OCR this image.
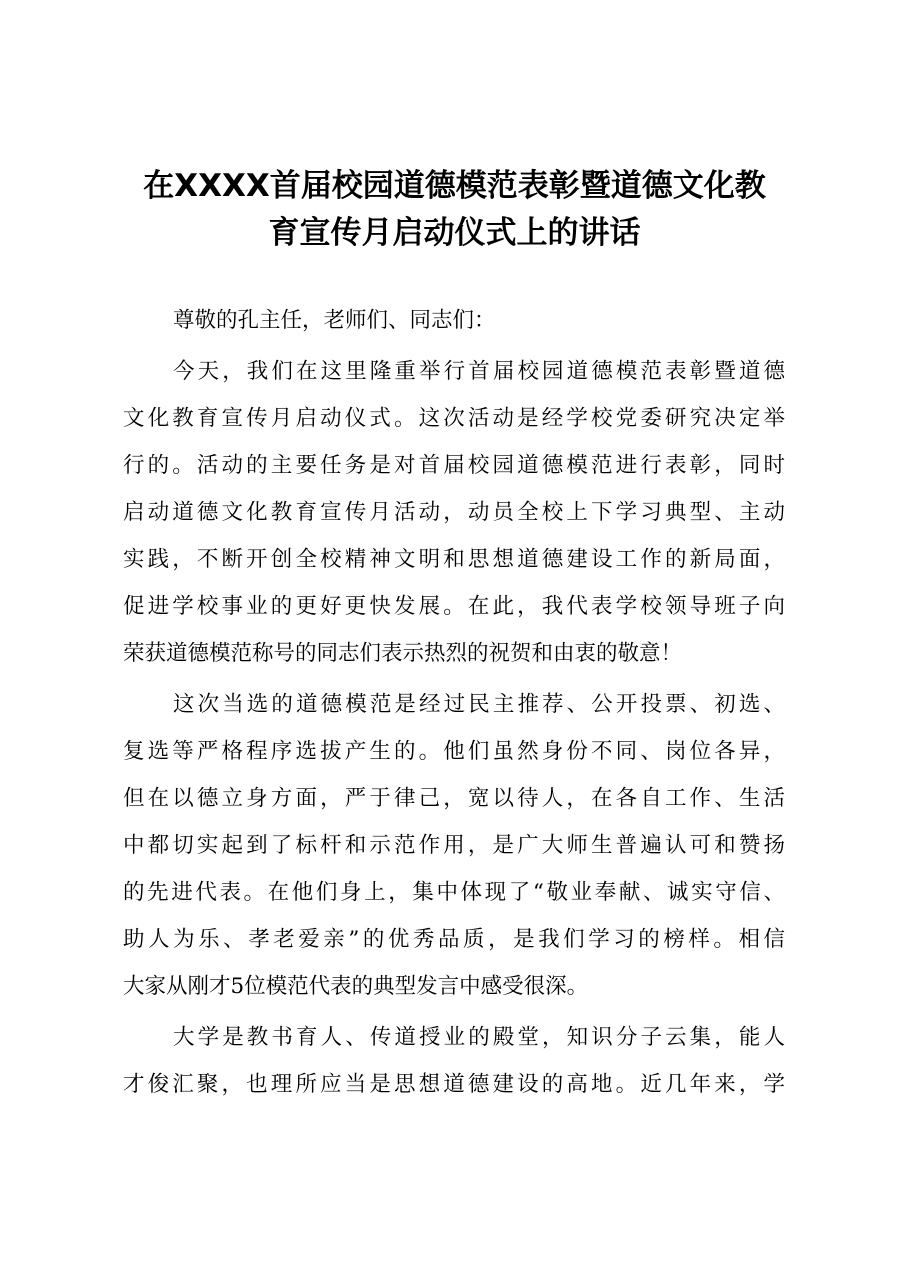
在XXXX首届校园道德模范表彰暨道德文化教
育宣传月启动仪式上的讲话
尊敬的孔主任，老师们、同志们：
今天，我们在这里隆重举行首届校园道德模范表彰暨道德
文化教育宣传月启动仪式。这次活动是经学校党委研究决定举
行的。活动的主要任务是对首届校园道德模范进行表彰，同时
启动道德文化教育宣传月活动，动员全校上下学习典型、主动
实践，不断开创全校精神文明和思想道德建设工作的新局面，
促进学校事业的更好更快发展。在此，我代表学校领导班子向
荣获道德模范称号的同志们表示热烈的祝贺和由衷的敬意！
这次当选的道德模范是经过民主推荐、公开投票、初选、
复选等严格程序选拔产生的。他们虽然身份不同、岗位各异，
但在以德立身方面，严于律己，宽以待人，在各自工作、生活
中都切实起到了标杆和示范作用，是广大师生普遍认可和赞扬
的先进代表。在他们身上，集中体现了“敬业奉献、诚实守信、
助人为乐、孝老爱亲”的优秀品质，是我们学习的榜样。相信
大家从刚才5位模范代表的典型发言中感受很深。
大学是教书育人、传道授业的殿堂，知识分子云集，能人
才俊汇聚，也理所应当是思想道德建设的高地。近几年来，学
